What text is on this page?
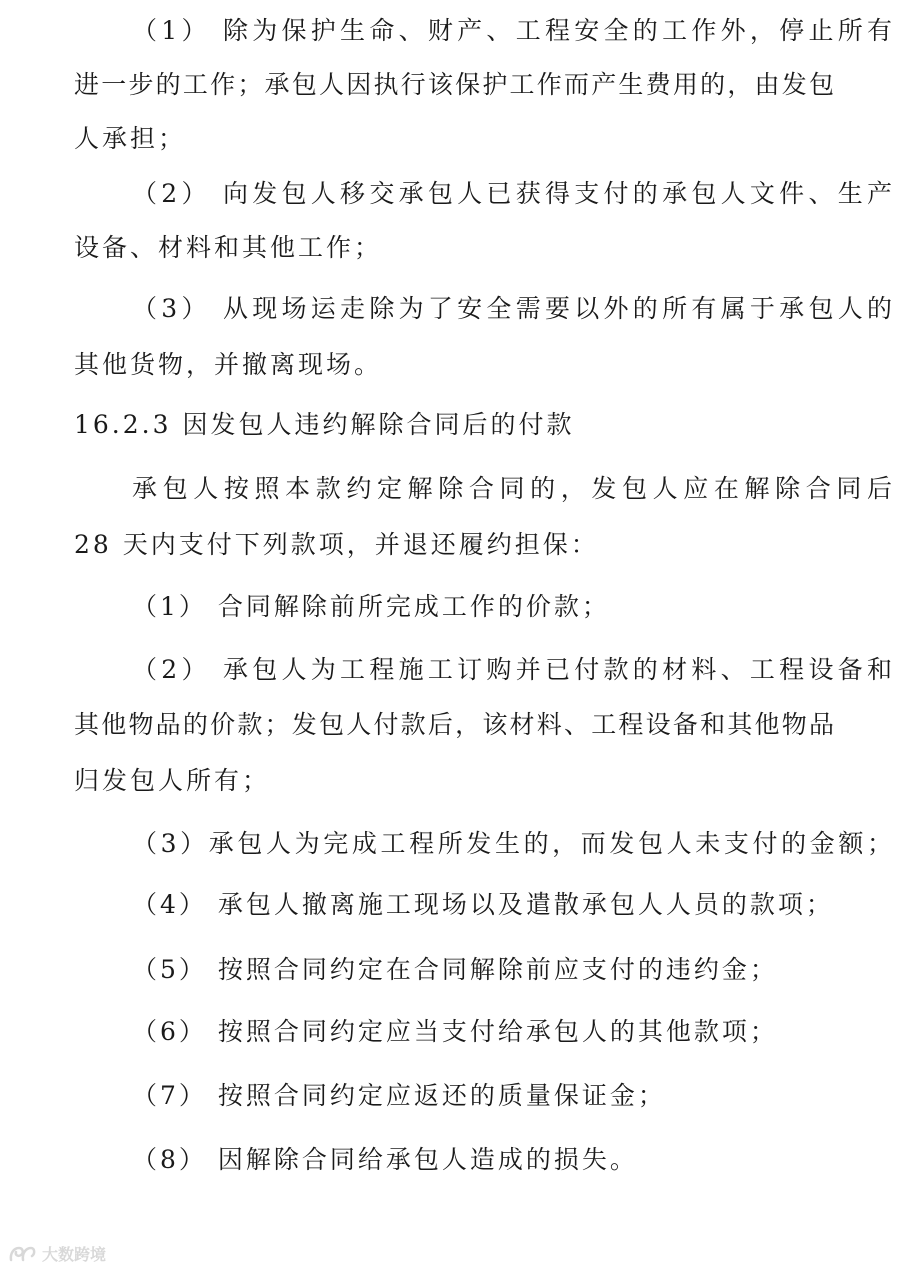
（1） 除为保护生命、财产、工程安全的工作外，停止所有
进一步的工作；承包人因执行该保护工作而产生费用的，由发包
人承担；
（2） 向发包人移交承包人已获得支付的承包人文件、生产
设备、材料和其他工作；
（3） 从现场运走除为了安全需要以外的所有属于承包人的
其他货物，并撤离现场。
16.2.3 因发包人违约解除合同后的付款
承包人按照本款约定解除合同的，发包人应在解除合同后
28 天内支付下列款项，并退还履约担保：
（1） 合同解除前所完成工作的价款；
（2） 承包人为工程施工订购并已付款的材料、工程设备和
其他物品的价款；发包人付款后，该材料、工程设备和其他物品
归发包人所有；
（3）承包人为完成工程所发生的，而发包人未支付的金额；
（4） 承包人撤离施工现场以及遣散承包人人员的款项；
（5） 按照合同约定在合同解除前应支付的违约金；
（6） 按照合同约定应当支付给承包人的其他款项；
（7） 按照合同约定应返还的质量保证金；
（8） 因解除合同给承包人造成的损失。
大数跨境
